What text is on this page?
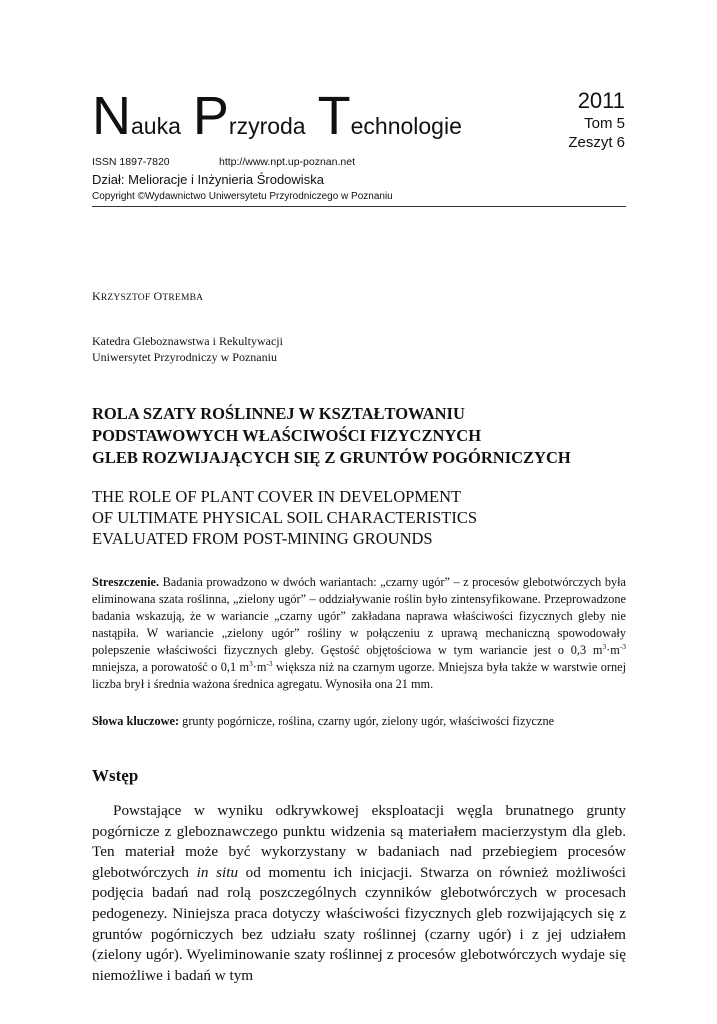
Nauka Przyroda Technologie
2011
Tom 5
Zeszyt 6
ISSN 1897-7820	http://www.npt.up-poznan.net
Dział: Melioracje i Inżynieria Środowiska
Copyright ©Wydawnictwo Uniwersytetu Przyrodniczego w Poznaniu
KRZYSZTOF OTREMBA
Katedra Gleboznawstwa i Rekultywacji
Uniwersytet Przyrodniczy w Poznaniu
ROLA SZATY ROŚLINNEJ W KSZTAŁTOWANIU
PODSTAWOWYCH WŁAŚCIWOŚCI FIZYCZNYCH
GLEB ROZWIJAJĄCYCH SIĘ Z GRUNTÓW POGÓRNICZYCH
THE ROLE OF PLANT COVER IN DEVELOPMENT
OF ULTIMATE PHYSICAL SOIL CHARACTERISTICS
EVALUATED FROM POST-MINING GROUNDS
Streszczenie. Badania prowadzono w dwóch wariantach: „czarny ugór” – z procesów glebotwórczych była eliminowana szata roślinna, „zielony ugór” – oddziaływanie roślin było zintensyfikowane. Przeprowadzone badania wskazują, że w wariancie „czarny ugór” zakładana naprawa właściwości fizycznych gleby nie nastąpiła. W wariancie „zielony ugór” rośliny w połączeniu z uprawą mechaniczną spowodowały polepszenie właściwości fizycznych gleby. Gęstość objętościowa w tym wariancie jest o 0,3 $m^3\cdot m^{-3}$ mniejsza, a porowatość o 0,1 $m^3\cdot m^{-3}$ większa niż na czarnym ugorze. Mniejsza była także w warstwie ornej liczba brył i średnia ważona średnica agregatu. Wynosiła ona 21 mm.
Słowa kluczowe: grunty pogórnicze, roślina, czarny ugór, zielony ugór, właściwości fizyczne
Wstęp
Powstające w wyniku odkrywkowej eksploatacji węgla brunatnego grunty pogórnicze z gleboznawczego punktu widzenia są materiałem macierzystym dla gleb. Ten materiał może być wykorzystany w badaniach nad przebiegiem procesów glebotwórczych in situ od momentu ich inicjacji. Stwarza on również możliwości podjęcia badań nad rolą poszczególnych czynników glebotwórczych w procesach pedogenezy. Niniejsza praca dotyczy właściwości fizycznych gleb rozwijających się z gruntów pogórniczych bez udziału szaty roślinnej (czarny ugór) i z jej udziałem (zielony ugór). Wyeliminowanie szaty roślinnej z procesów glebotwórczych wydaje się niemożliwe i badań w tym
